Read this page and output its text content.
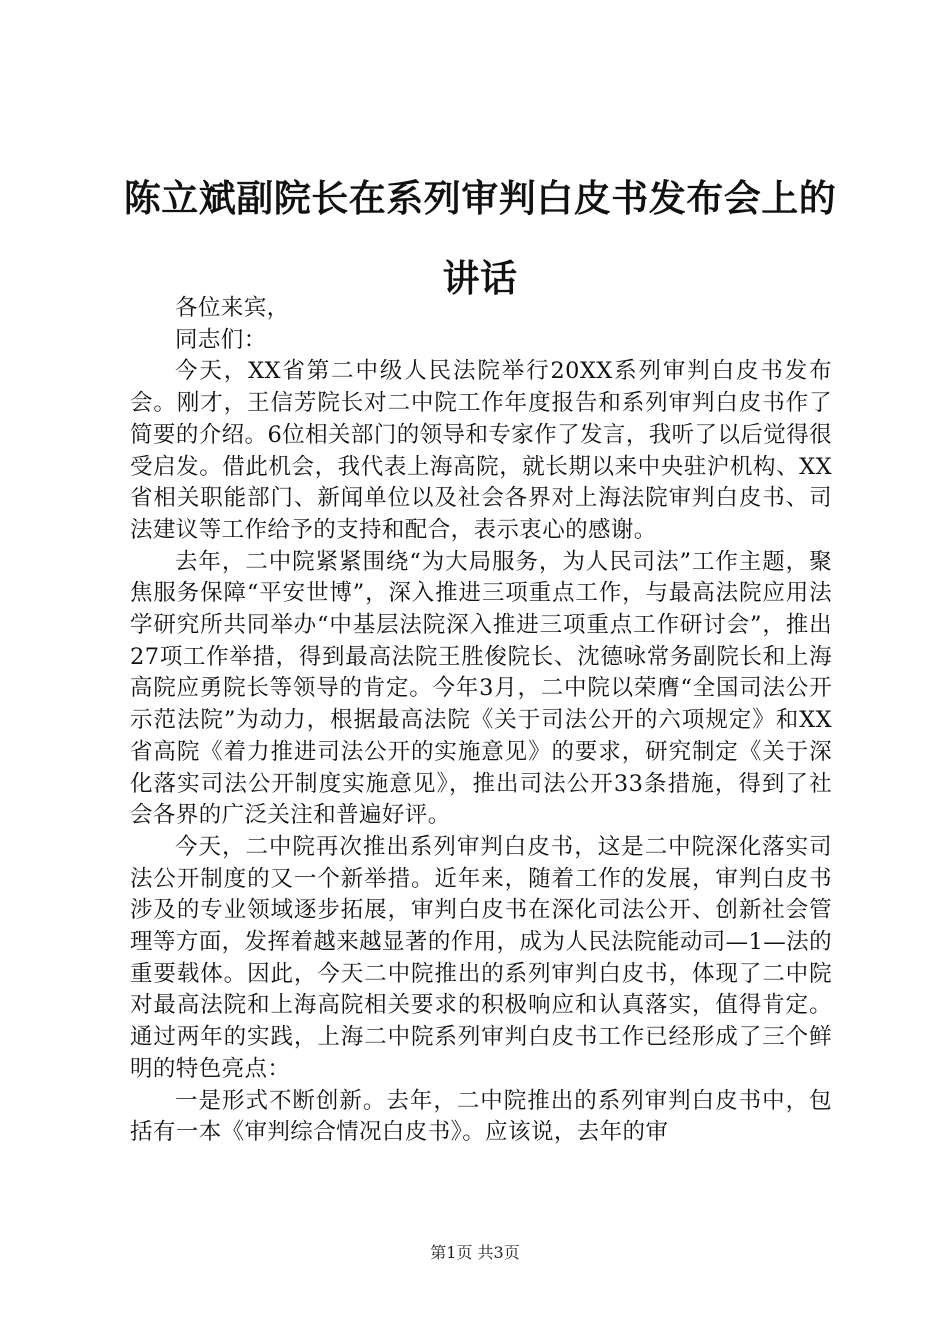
陈立斌副院长在系列审判白皮书发布会上的讲话

各位来宾，

同志们：

今天，XX省第二中级人民法院举行20XX系列审判白皮书发布会。刚才，王信芳院长对二中院工作年度报告和系列审判白皮书作了简要的介绍。6位相关部门的领导和专家作了发言，我听了以后觉得很受启发。借此机会，我代表上海高院，就长期以来中央驻沪机构、XX省相关职能部门、新闻单位以及社会各界对上海法院审判白皮书、司法建议等工作给予的支持和配合，表示衷心的感谢。

去年，二中院紧紧围绕“为大局服务，为人民司法”工作主题，聚焦服务保障“平安世博”，深入推进三项重点工作，与最高法院应用法学研究所共同举办“中基层法院深入推进三项重点工作研讨会”，推出27项工作举措，得到最高法院王胜俊院长、沈德咏常务副院长和上海高院应勇院长等领导的肯定。今年3月，二中院以荣膺“全国司法公开示范法院”为动力，根据最高法院《关于司法公开的六项规定》和XX省高院《着力推进司法公开的实施意见》的要求，研究制定《关于深化落实司法公开制度实施意见》，推出司法公开33条措施，得到了社会各界的广泛关注和普遍好评。

今天，二中院再次推出系列审判白皮书，这是二中院深化落实司法公开制度的又一个新举措。近年来，随着工作的发展，审判白皮书涉及的专业领域逐步拓展，审判白皮书在深化司法公开、创新社会管理等方面，发挥着越来越显著的作用，成为人民法院能动司—1—法的重要载体。因此，今天二中院推出的系列审判白皮书，体现了二中院对最高法院和上海高院相关要求的积极响应和认真落实，值得肯定。通过两年的实践，上海二中院系列审判白皮书工作已经形成了三个鲜明的特色亮点：

一是形式不断创新。去年，二中院推出的系列审判白皮书中，包括有一本《审判综合情况白皮书》。应该说，去年的审

第1页 共3页
